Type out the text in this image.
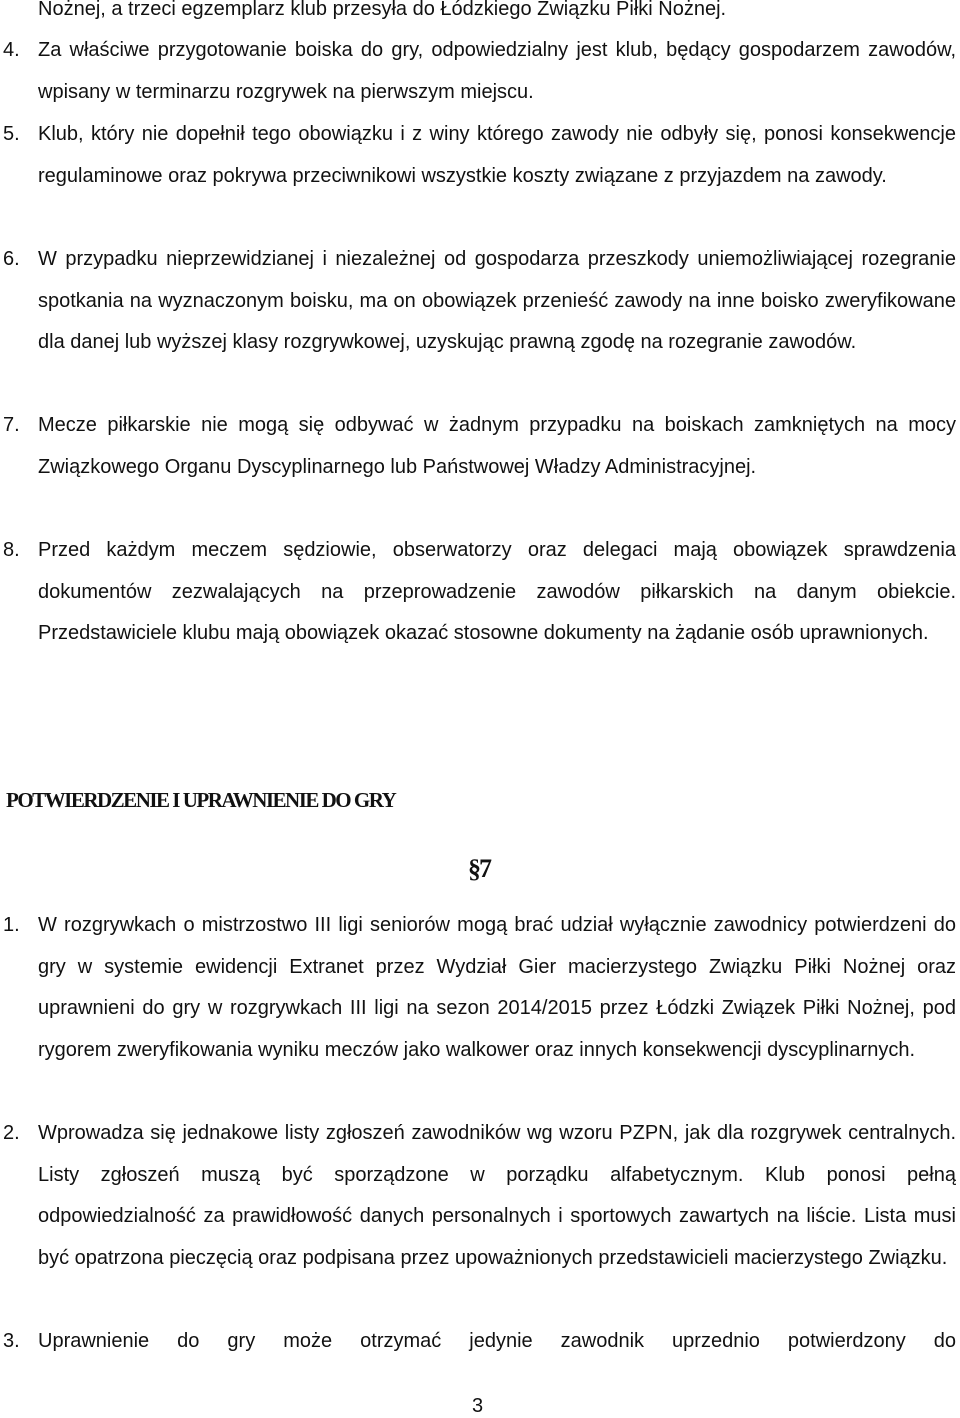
Nożnej, a trzeci egzemplarz klub przesyła do Łódzkiego Związku Piłki Nożnej.
4. Za właściwe przygotowanie boiska do gry, odpowiedzialny jest klub, będący gospodarzem zawodów, wpisany w terminarzu rozgrywek na pierwszym miejscu.
5. Klub, który nie dopełnił tego obowiązku i z winy którego zawody nie odbyły się, ponosi konsekwencje regulaminowe oraz pokrywa przeciwnikowi wszystkie koszty związane z przyjazdem na zawody.
6. W przypadku nieprzewidzianej i niezależnej od gospodarza przeszkody uniemożliwiającej rozegranie spotkania na wyznaczonym boisku, ma on obowiązek przenieść zawody na inne boisko zweryfikowane dla danej lub wyższej klasy rozgrywkowej, uzyskując prawną zgodę na rozegranie zawodów.
7. Mecze piłkarskie nie mogą się odbywać w żadnym przypadku na boiskach zamkniętych na mocy Związkowego Organu Dyscyplinarnego lub Państwowej Władzy Administracyjnej.
8. Przed każdym meczem sędziowie, obserwatorzy oraz delegaci mają obowiązek sprawdzenia dokumentów zezwalających na przeprowadzenie zawodów piłkarskich na danym obiekcie. Przedstawiciele klubu mają obowiązek okazać stosowne dokumenty na żądanie osób uprawnionych.
POTWIERDZENIE I UPRAWNIENIE DO GRY
§7
1. W rozgrywkach o mistrzostwo III ligi seniorów mogą brać udział wyłącznie zawodnicy potwierdzeni do gry w systemie ewidencji Extranet przez Wydział Gier macierzystego Związku Piłki Nożnej oraz uprawnieni do gry w rozgrywkach III ligi na sezon 2014/2015 przez Łódzki Związek Piłki Nożnej, pod rygorem zweryfikowania wyniku meczów jako walkower oraz innych konsekwencji dyscyplinarnych.
2. Wprowadza się jednakowe listy zgłoszeń zawodników wg wzoru PZPN, jak dla rozgrywek centralnych. Listy zgłoszeń muszą być sporządzone w porządku alfabetycznym. Klub ponosi pełną odpowiedzialność za prawidłowość danych personalnych i sportowych zawartych na liście. Lista musi być opatrzona pieczęcią oraz podpisana przez upoważnionych przedstawicieli macierzystego Związku.
3. Uprawnienie do gry może otrzymać jedynie zawodnik uprzednio potwierdzony do
3
